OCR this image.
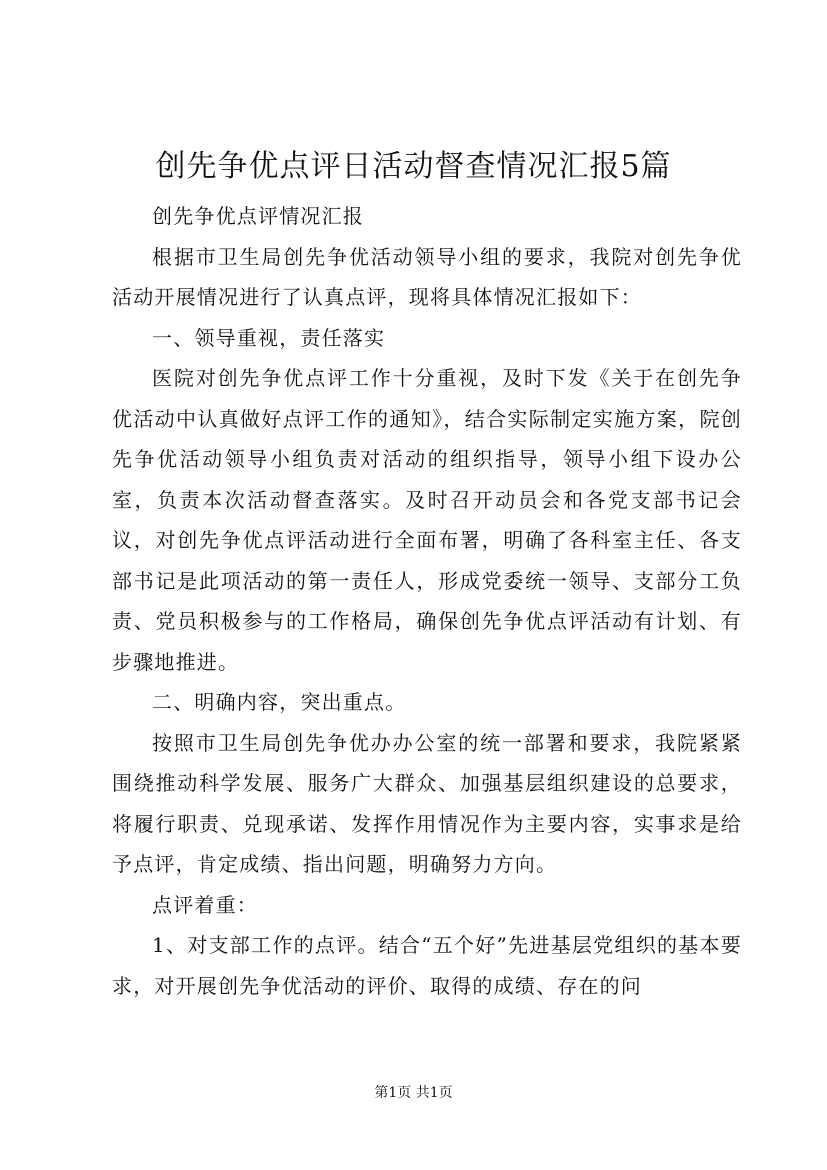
创先争优点评日活动督查情况汇报5篇

创先争优点评情况汇报

根据市卫生局创先争优活动领导小组的要求，我院对创先争优活动开展情况进行了认真点评，现将具体情况汇报如下：

一、领导重视，责任落实

医院对创先争优点评工作十分重视，及时下发《关于在创先争优活动中认真做好点评工作的通知》，结合实际制定实施方案，院创先争优活动领导小组负责对活动的组织指导，领导小组下设办公室，负责本次活动督查落实。及时召开动员会和各党支部书记会议，对创先争优点评活动进行全面布署，明确了各科室主任、各支部书记是此项活动的第一责任人，形成党委统一领导、支部分工负责、党员积极参与的工作格局，确保创先争优点评活动有计划、有步骤地推进。

二、明确内容，突出重点。

按照市卫生局创先争优办办公室的统一部署和要求，我院紧紧围绕推动科学发展、服务广大群众、加强基层组织建设的总要求，将履行职责、兑现承诺、发挥作用情况作为主要内容，实事求是给予点评，肯定成绩、指出问题，明确努力方向。

点评着重：

1、对支部工作的点评。结合“五个好”先进基层党组织的基本要求，对开展创先争优活动的评价、取得的成绩、存在的问

第1页 共1页
